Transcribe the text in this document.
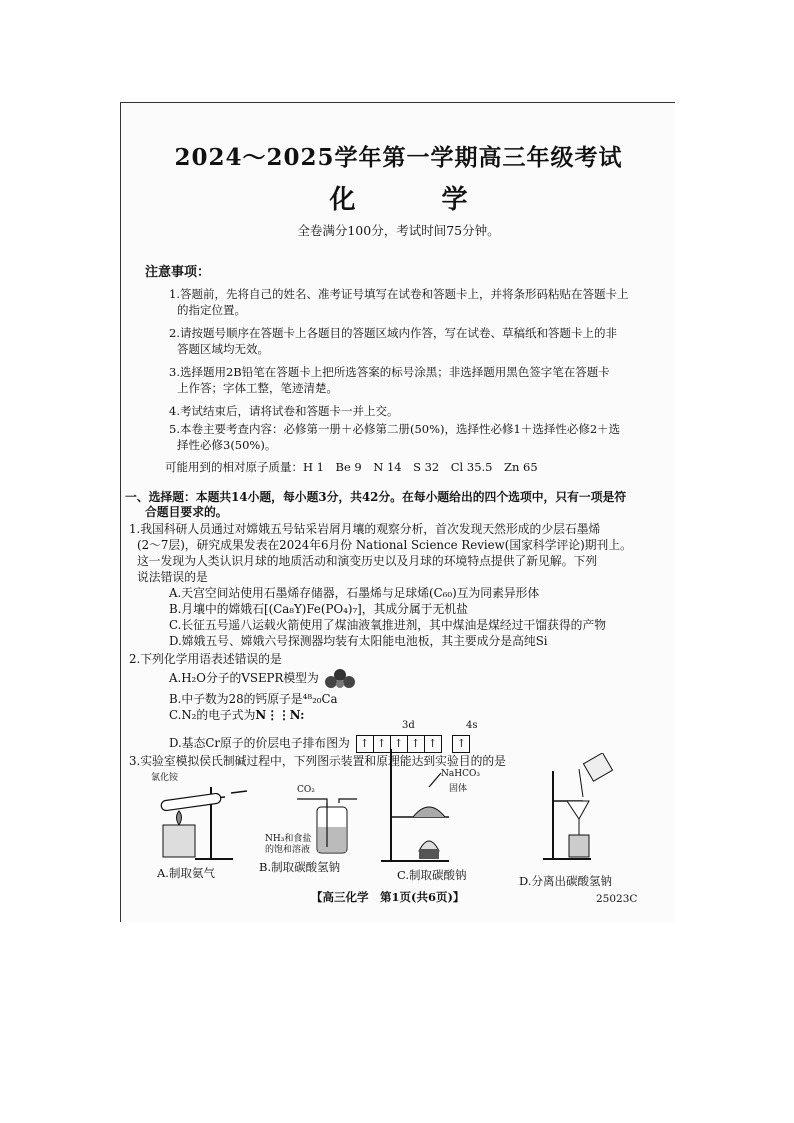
2024～2025学年第一学期高三年级考试
化　学
全卷满分100分，考试时间75分钟。
注意事项：
1.答题前，先将自己的姓名、准考证号填写在试卷和答题卡上，并将条形码粘贴在答题卡上
的指定位置。
2.请按题号顺序在答题卡上各题目的答题区域内作答，写在试卷、草稿纸和答题卡上的非
答题区域均无效。
3.选择题用2B铅笔在答题卡上把所选答案的标号涂黑；非选择题用黑色签字笔在答题卡
上作答；字体工整，笔迹清楚。
4.考试结束后，请将试卷和答题卡一并上交。
5.本卷主要考查内容：必修第一册＋必修第二册(50%)，选择性必修1＋选择性必修2＋选
择性必修3(50%)。
可能用到的相对原子质量：H 1　Be 9　N 14　S 32　Cl 35.5　Zn 65
一、选择题：本题共14小题，每小题3分，共42分。在每小题给出的四个选项中，只有一项是符
合题目要求的。
1.我国科研人员通过对嫦娥五号钻采岩屑月壤的观察分析，首次发现天然形成的少层石墨烯
(2～7层)，研究成果发表在2024年6月份 National Science Review(国家科学评论)期刊上。
这一发现为人类认识月球的地质活动和演变历史以及月球的环境特点提供了新见解。下列
说法错误的是
A.天宫空间站使用石墨烯存储器，石墨烯与足球烯(C₆₀)互为同素异形体
B.月壤中的嫦娥石[(Ca₈Y)Fe(PO₄)₇]，其成分属于无机盐
C.长征五号遥八运载火箭使用了煤油液氧推进剂，其中煤油是煤经过干馏获得的产物
D.嫦娥五号、嫦娥六号探测器均装有太阳能电池板，其主要成分是高纯Si
2.下列化学用语表述错误的是
A.H₂O分子的VSEPR模型为
B.中子数为28的钙原子是⁴⁸₂₀Ca
C.N₂的电子式为N⋮⋮N:
3d	4s
D.基态Cr原子的价层电子排布图为 ↑ ↑ ↑ ↑ ↑ ↑
3.实验室模拟侯氏制碱过程中，下列图示装置和原理能达到实验目的的是
氯化铵
CO₂
NH₃和食盐
的饱和溶液
NaHCO₃
固体
A.制取氨气	B.制取碳酸氢钠
C.制取碳酸钠	D.分离出碳酸氢钠
【高三化学　第1页(共6页)】	25023C
